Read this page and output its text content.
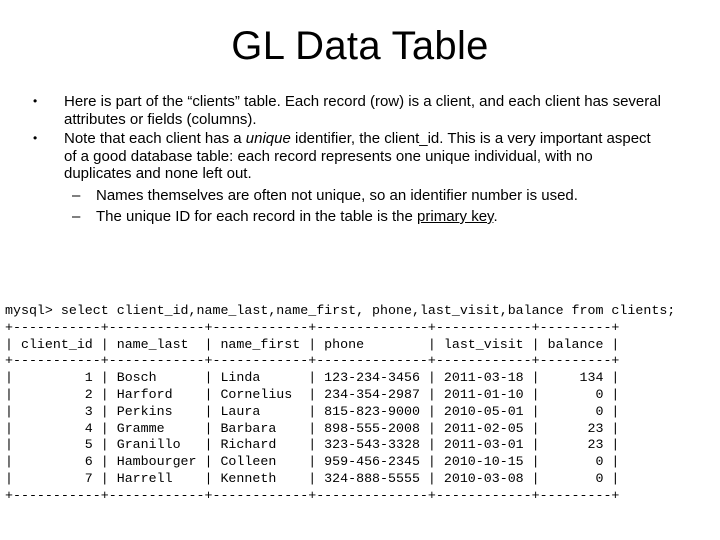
GL Data Table
• Here is part of the “clients” table. Each record (row) is a client, and each client has several attributes or fields (columns).
• Note that each client has a unique identifier, the client_id. This is a very important aspect of a good database table: each record represents one unique individual, with no duplicates and none left out.
– Names themselves are often not unique, so an identifier number is used.
– The unique ID for each record in the table is the primary key.
mysql> select client_id,name_last,name_first, phone,last_visit,balance from clients;
+-----------+------------+------------+--------------+------------+---------+
| client_id | name_last  | name_first | phone        | last_visit | balance |
+-----------+------------+------------+--------------+------------+---------+
|         1 | Bosch      | Linda      | 123-234-3456 | 2011-03-18 |     134 |
|         2 | Harford    | Cornelius  | 234-354-2987 | 2011-01-10 |       0 |
|         3 | Perkins    | Laura      | 815-823-9000 | 2010-05-01 |       0 |
|         4 | Gramme     | Barbara    | 898-555-2008 | 2011-02-05 |      23 |
|         5 | Granillo   | Richard    | 323-543-3328 | 2011-03-01 |      23 |
|         6 | Hambourger | Colleen    | 959-456-2345 | 2010-10-15 |       0 |
|         7 | Harrell    | Kenneth    | 324-888-5555 | 2010-03-08 |       0 |
+-----------+------------+------------+--------------+------------+---------+
